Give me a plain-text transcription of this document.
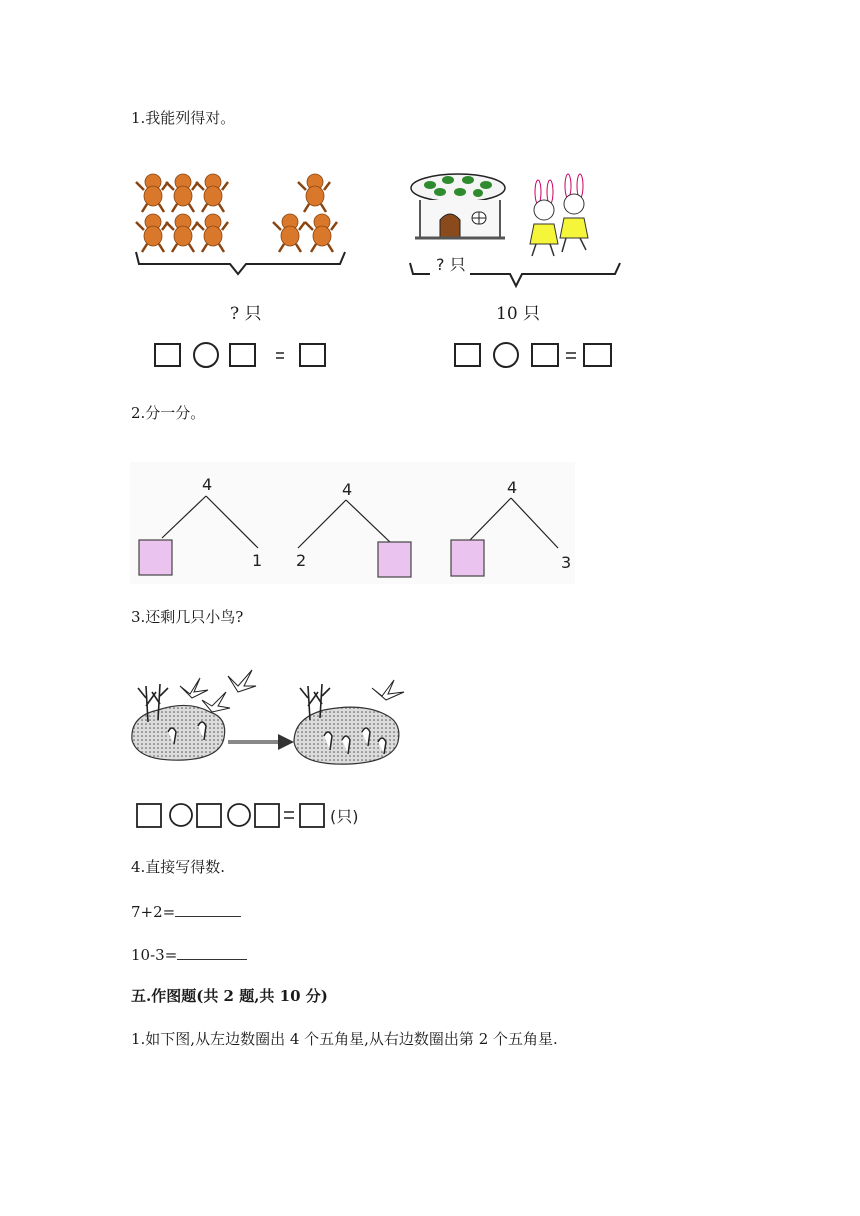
1.我能列得对。
? 只
? 只	10 只
2.分一分。
4
1
4
2
4
3
3.还剩几只小鸟?
(只)
4.直接写得数.
7+2=
10-3=
五.作图题(共 2 题,共 10 分)
1.如下图,从左边数圈出 4 个五角星,从右边数圈出第 2 个五角星.
